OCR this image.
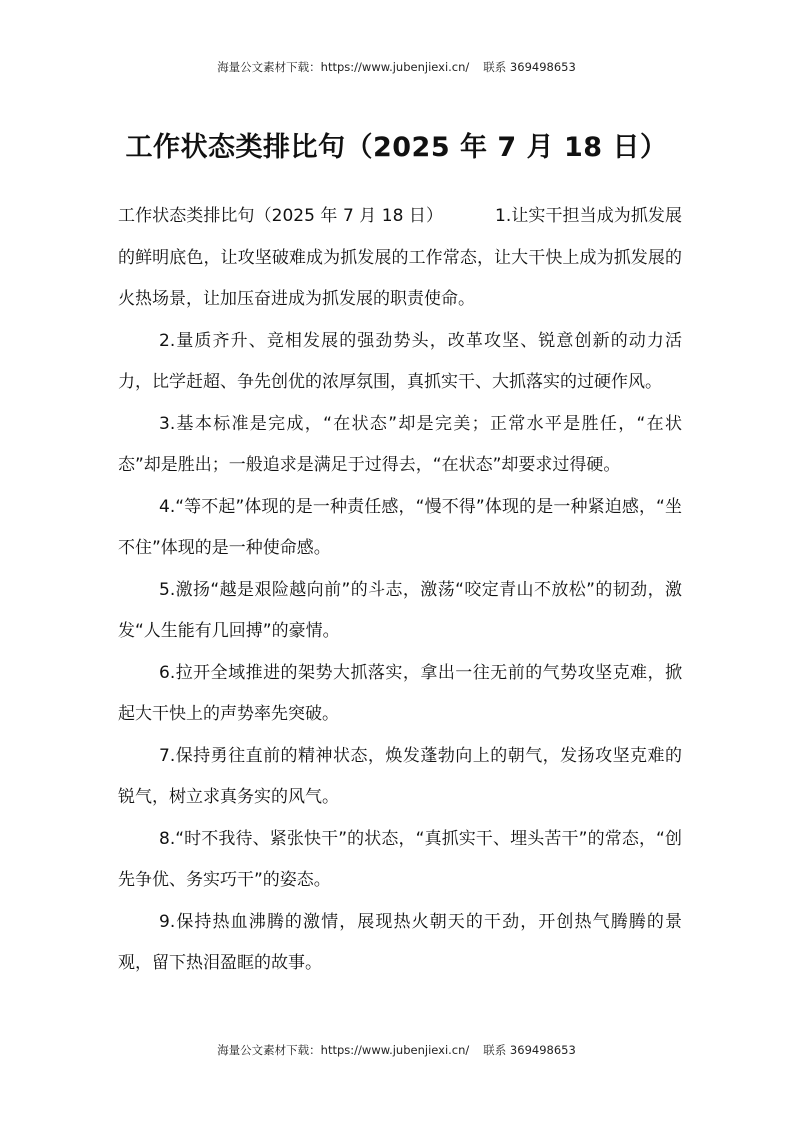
海量公文素材下载：https://www.jubenjiexi.cn/ 联系 369498653
工作状态类排比句（2025 年 7 月 18 日）

工作状态类排比句（2025 年 7 月 18 日）	1.让实干担当成为抓发展的鲜明底色，让攻坚破难成为抓发展的工作常态，让大干快上成为抓发展的火热场景，让加压奋进成为抓发展的职责使命。

2.量质齐升、竞相发展的强劲势头，改革攻坚、锐意创新的动力活力，比学赶超、争先创优的浓厚氛围，真抓实干、大抓落实的过硬作风。

3.基本标准是完成，“在状态”却是完美；正常水平是胜任，“在状态”却是胜出；一般追求是满足于过得去，“在状态”却要求过得硬。

4.“等不起”体现的是一种责任感，“慢不得”体现的是一种紧迫感，“坐不住”体现的是一种使命感。

5.激扬“越是艰险越向前”的斗志，激荡“咬定青山不放松”的韧劲，激发“人生能有几回搏”的豪情。

6.拉开全域推进的架势大抓落实，拿出一往无前的气势攻坚克难，掀起大干快上的声势率先突破。

7.保持勇往直前的精神状态，焕发蓬勃向上的朝气，发扬攻坚克难的锐气，树立求真务实的风气。

8.“时不我待、紧张快干”的状态，“真抓实干、埋头苦干”的常态，“创先争优、务实巧干”的姿态。

9.保持热血沸腾的激情，展现热火朝天的干劲，开创热气腾腾的景观，留下热泪盈眶的故事。

海量公文素材下载：https://www.jubenjiexi.cn/ 联系 369498653
